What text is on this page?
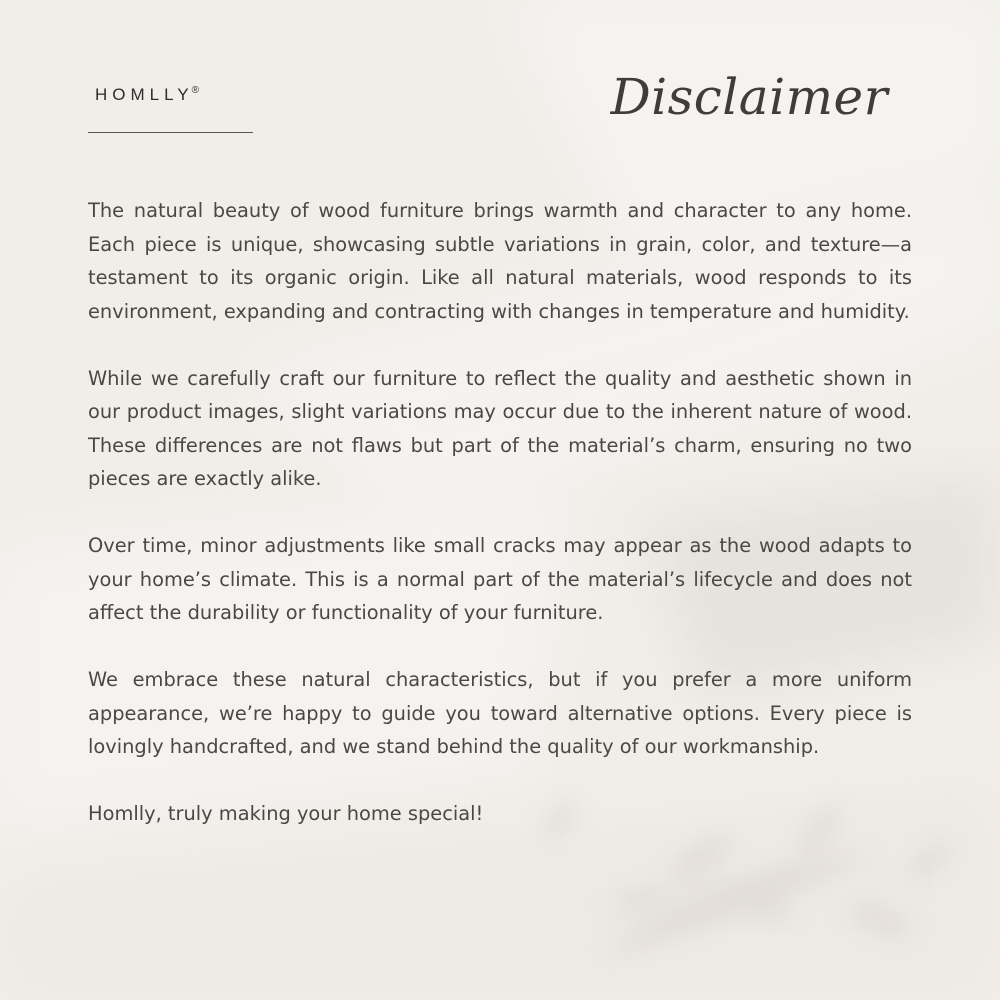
HOMLLY®	Disclaimer

The natural beauty of wood furniture brings warmth and character to any home. Each piece is unique, showcasing subtle variations in grain, color, and texture—a testament to its organic origin. Like all natural materials, wood responds to its environment, expanding and contracting with changes in temperature and humidity.

While we carefully craft our furniture to reflect the quality and aesthetic shown in our product images, slight variations may occur due to the inherent nature of wood. These differences are not flaws but part of the material’s charm, ensuring no two pieces are exactly alike.

Over time, minor adjustments like small cracks may appear as the wood adapts to your home’s climate. This is a normal part of the material’s lifecycle and does not affect the durability or functionality of your furniture.

We embrace these natural characteristics, but if you prefer a more uniform appearance, we’re happy to guide you toward alternative options. Every piece is lovingly handcrafted, and we stand behind the quality of our workmanship.

Homlly, truly making your home special!
